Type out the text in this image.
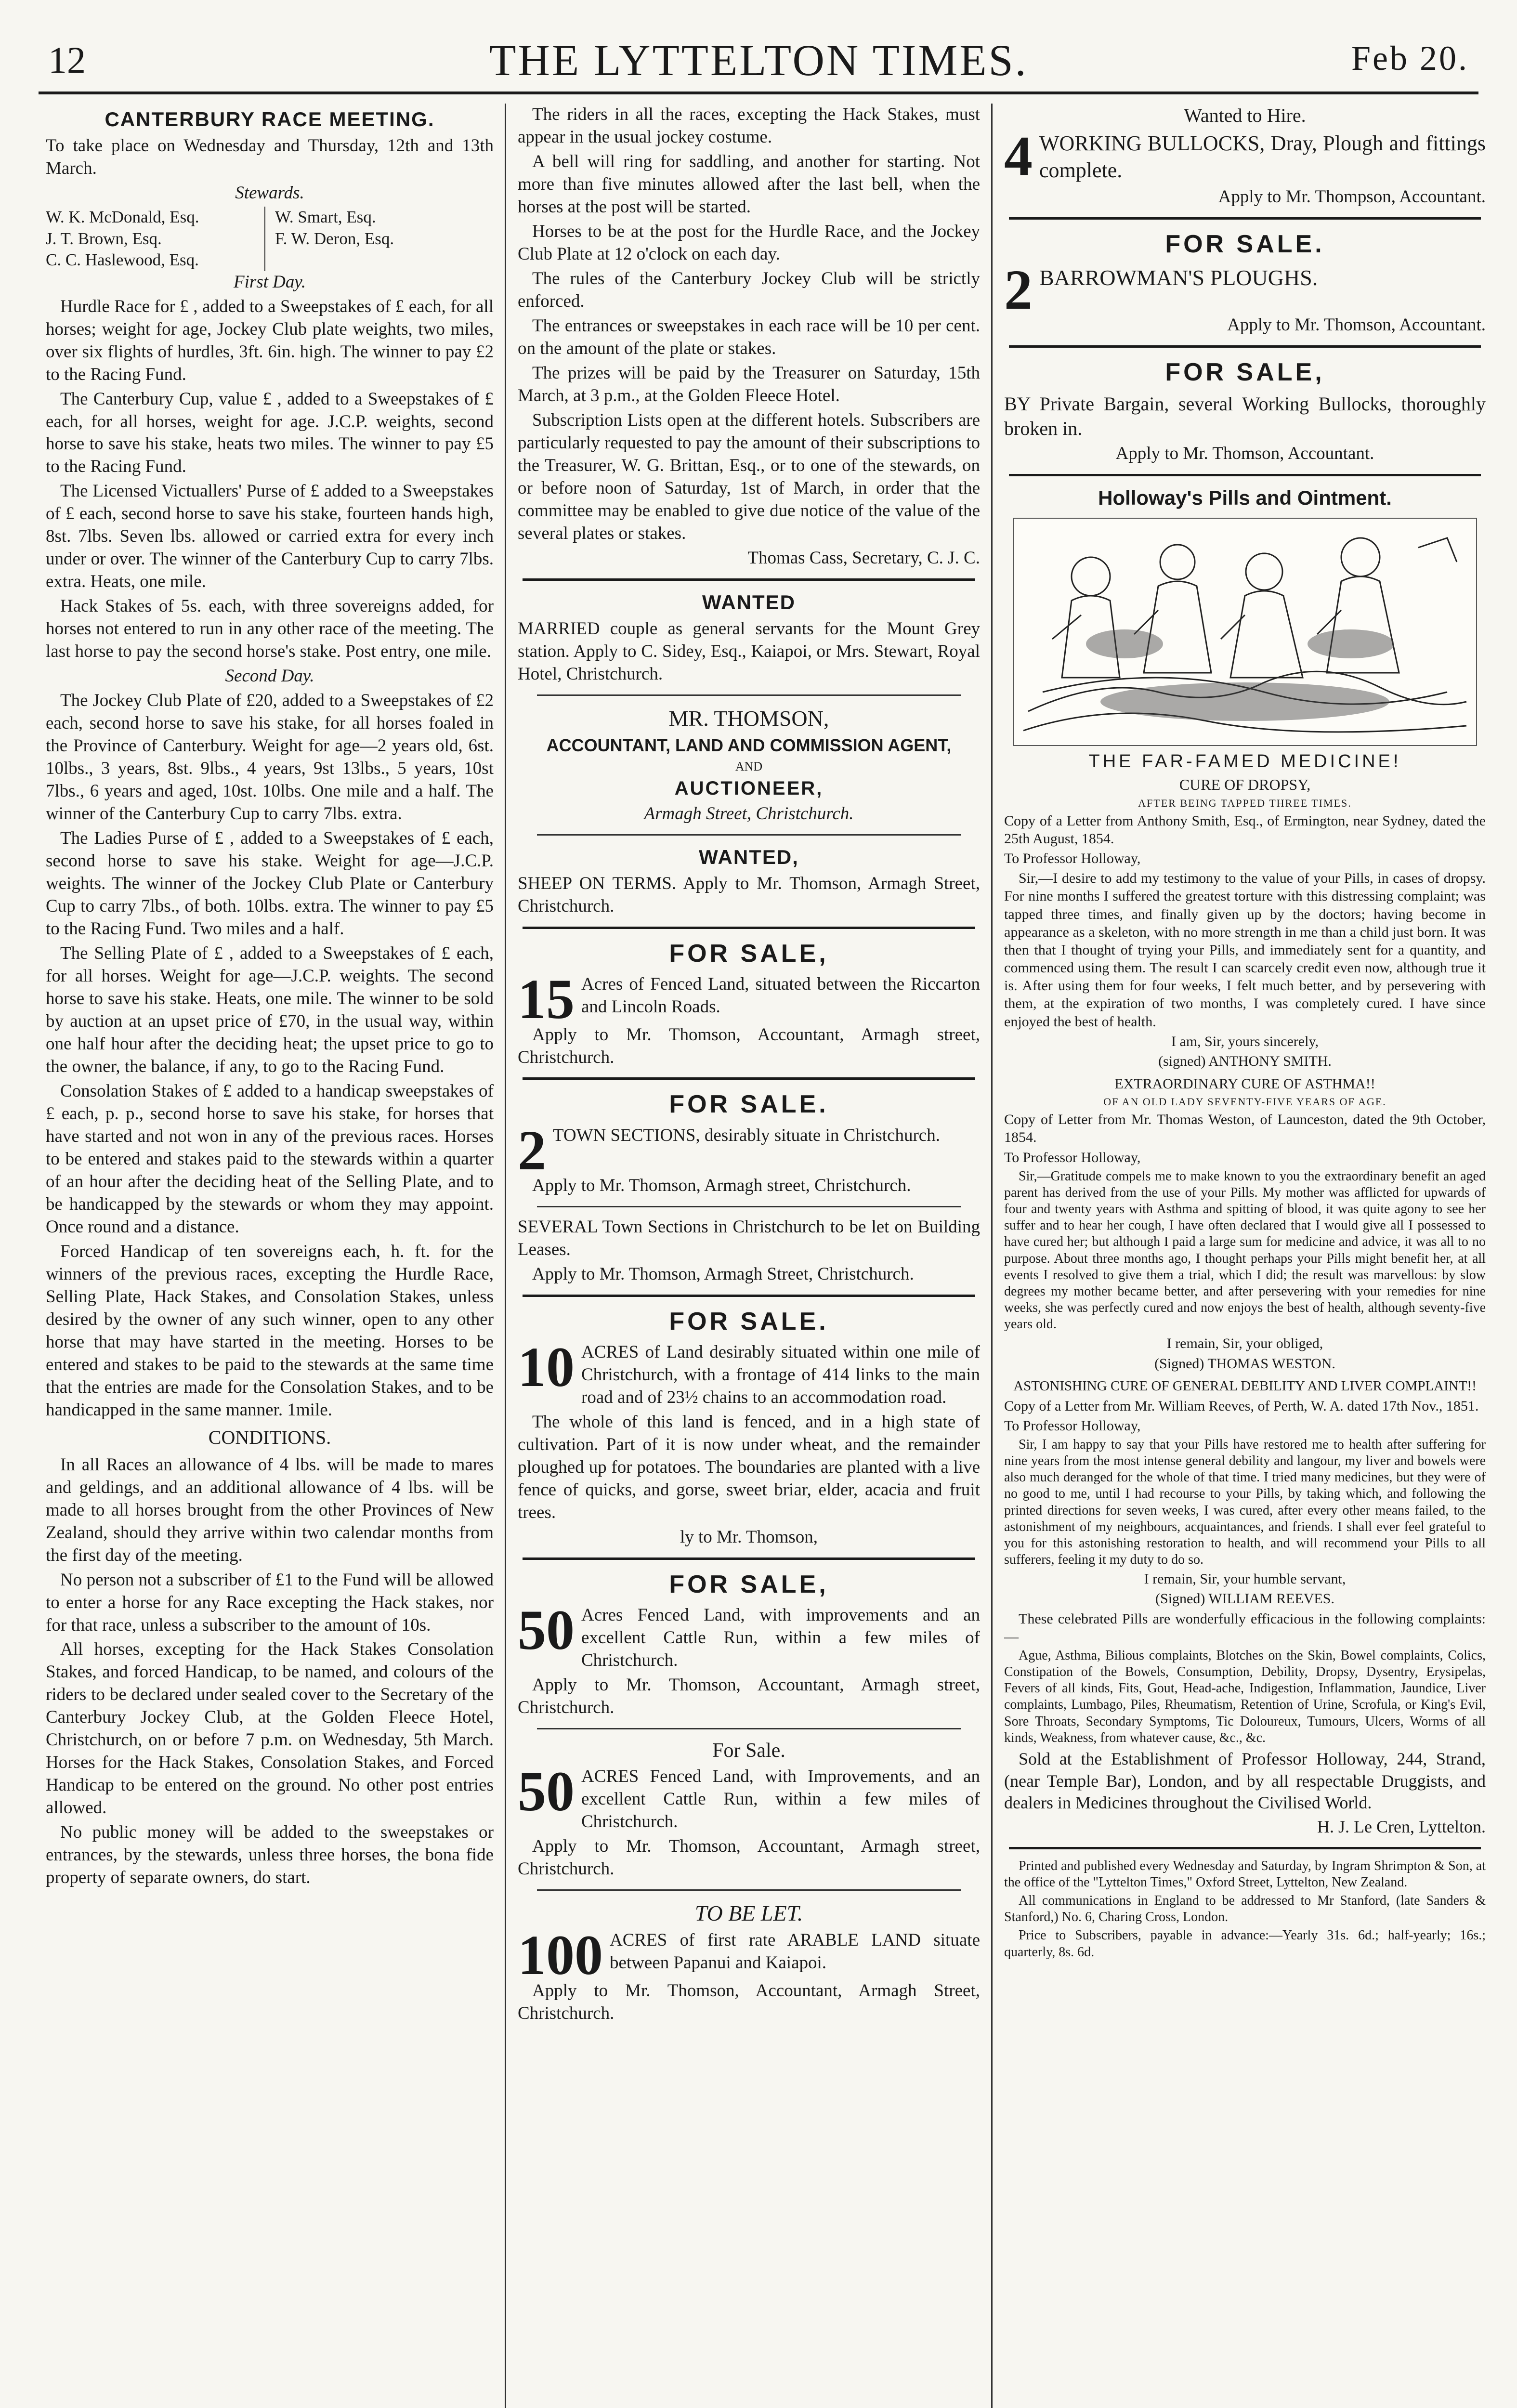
12	THE LYTTELTON TIMES.	Feb 20.
CANTERBURY RACE MEETING.

To take place on Wednesday and Thursday, 12th and 13th March.

Stewards.

W. K. McDonald, Esq.
J. T. Brown, Esq.
C. C. Haslewood, Esq.
W. Smart, Esq.
F. W. Deron, Esq.

First Day.

Hurdle Race for £ , added to a Sweepstakes of £ each, for all horses; weight for age, Jockey Club plate weights, two miles, over six flights of hurdles, 3ft. 6in. high. The winner to pay £2 to the Racing Fund.

The Canterbury Cup, value £ , added to a Sweepstakes of £ each, for all horses, weight for age. J.C.P. weights, second horse to save his stake, heats two miles. The winner to pay £5 to the Racing Fund.

The Licensed Victuallers' Purse of £ added to a Sweepstakes of £ each, second horse to save his stake, fourteen hands high, 8st. 7lbs. Seven lbs. allowed or carried extra for every inch under or over. The winner of the Canterbury Cup to carry 7lbs. extra. Heats, one mile.

Hack Stakes of 5s. each, with three sovereigns added, for horses not entered to run in any other race of the meeting. The last horse to pay the second horse's stake. Post entry, one mile.

Second Day.

The Jockey Club Plate of £20, added to a Sweepstakes of £2 each, second horse to save his stake, for all horses foaled in the Province of Canterbury. Weight for age—2 years old, 6st. 10lbs., 3 years, 8st. 9lbs., 4 years, 9st 13lbs., 5 years, 10st 7lbs., 6 years and aged, 10st. 10lbs. One mile and a half. The winner of the Canterbury Cup to carry 7lbs. extra.

The Ladies Purse of £ , added to a Sweepstakes of £ each, second horse to save his stake. Weight for age—J.C.P. weights. The winner of the Jockey Club Plate or Canterbury Cup to carry 7lbs., of both. 10lbs. extra. The winner to pay £5 to the Racing Fund. Two miles and a half.

The Selling Plate of £ , added to a Sweepstakes of £ each, for all horses. Weight for age—J.C.P. weights. The second horse to save his stake. Heats, one mile. The winner to be sold by auction at an upset price of £70, in the usual way, within one half hour after the deciding heat; the upset price to go to the owner, the balance, if any, to go to the Racing Fund.

Consolation Stakes of £ added to a handicap sweepstakes of £ each, p. p., second horse to save his stake, for horses that have started and not won in any of the previous races. Horses to be entered and stakes paid to the stewards within a quarter of an hour after the deciding heat of the Selling Plate, and to be handicapped by the stewards or whom they may appoint. Once round and a distance.

Forced Handicap of ten sovereigns each, h. ft. for the winners of the previous races, excepting the Hurdle Race, Selling Plate, Hack Stakes, and Consolation Stakes, unless desired by the owner of any such winner, open to any other horse that may have started in the meeting. Horses to be entered and stakes to be paid to the stewards at the same time that the entries are made for the Consolation Stakes, and to be handicapped in the same manner. 1mile.

CONDITIONS.

In all Races an allowance of 4 lbs. will be made to mares and geldings, and an additional allowance of 4 lbs. will be made to all horses brought from the other Provinces of New Zealand, should they arrive within two calendar months from the first day of the meeting.

No person not a subscriber of £1 to the Fund will be allowed to enter a horse for any Race excepting the Hack stakes, nor for that race, unless a subscriber to the amount of 10s.

All horses, excepting for the Hack Stakes Consolation Stakes, and forced Handicap, to be named, and colours of the riders to be declared under sealed cover to the Secretary of the Canterbury Jockey Club, at the Golden Fleece Hotel, Christchurch, on or before 7 p.m. on Wednesday, 5th March. Horses for the Hack Stakes, Consolation Stakes, and Forced Handicap to be entered on the ground. No other post entries allowed.

No public money will be added to the sweepstakes or entrances, by the stewards, unless three horses, the bona fide property of separate owners, do start.

The riders in all the races, excepting the Hack Stakes, must appear in the usual jockey costume.

A bell will ring for saddling, and another for starting. Not more than five minutes allowed after the last bell, when the horses at the post will be started.

Horses to be at the post for the Hurdle Race, and the Jockey Club Plate at 12 o'clock on each day.

The rules of the Canterbury Jockey Club will be strictly enforced.

The entrances or sweepstakes in each race will be 10 per cent. on the amount of the plate or stakes.

The prizes will be paid by the Treasurer on Saturday, 15th March, at 3 p.m., at the Golden Fleece Hotel.

Subscription Lists open at the different hotels. Subscribers are particularly requested to pay the amount of their subscriptions to the Treasurer, W. G. Brittan, Esq., or to one of the stewards, on or before noon of Saturday, 1st of March, in order that the committee may be enabled to give due notice of the value of the several plates or stakes.

Thomas Cass, Secretary, C. J. C.

WANTED

MARRIED couple as general servants for the Mount Grey station. Apply to C. Sidey, Esq., Kaiapoi, or Mrs. Stewart, Royal Hotel, Christchurch.

MR. THOMSON,

ACCOUNTANT, LAND AND COMMISSION AGENT,

AND

AUCTIONEER,

Armagh Street, Christchurch.

WANTED,

SHEEP ON TERMS. Apply to Mr. Thomson, Armagh Street, Christchurch.

FOR SALE,

15 Acres of Fenced Land, situated between the Riccarton and Lincoln Roads.

Apply to Mr. Thomson, Accountant, Armagh street, Christchurch.

FOR SALE.

2 TOWN SECTIONS, desirably situate in Christchurch.

Apply to Mr. Thomson, Armagh street, Christchurch.

SEVERAL Town Sections in Christchurch to be let on Building Leases.

Apply to Mr. Thomson, Armagh Street, Christchurch.

FOR SALE.

10 ACRES of Land desirably situated within one mile of Christchurch, with a frontage of 414 links to the main road and of 23½ chains to an accommodation road.

The whole of this land is fenced, and in a high state of cultivation. Part of it is now under wheat, and the remainder ploughed up for potatoes. The boundaries are planted with a live fence of quicks, and gorse, sweet briar, elder, acacia and fruit trees.

ly to Mr. Thomson,

FOR SALE,

50 Acres Fenced Land, with improvements and an excellent Cattle Run, within a few miles of Christchurch.

Apply to Mr. Thomson, Accountant, Armagh street, Christchurch.

For Sale.

50 ACRES Fenced Land, with Improvements, and an excellent Cattle Run, within a few miles of Christchurch.

Apply to Mr. Thomson, Accountant, Armagh street, Christchurch.

TO BE LET.

100 ACRES of first rate ARABLE LAND situate between Papanui and Kaiapoi.

Apply to Mr. Thomson, Accountant, Armagh Street, Christchurch.

Wanted to Hire.

4 WORKING BULLOCKS, Dray, Plough and fittings complete.

Apply to Mr. Thompson, Accountant.

FOR SALE.

2 BARROWMAN'S PLOUGHS.

Apply to Mr. Thomson, Accountant.

FOR SALE,

BY Private Bargain, several Working Bullocks, thoroughly broken in.

Apply to Mr. Thomson, Accountant.

Holloway's Pills and Ointment.

THE FAR-FAMED MEDICINE!

CURE OF DROPSY,

AFTER BEING TAPPED THREE TIMES.

Copy of a Letter from Anthony Smith, Esq., of Ermington, near Sydney, dated the 25th August, 1854.

To Professor Holloway,

Sir,—I desire to add my testimony to the value of your Pills, in cases of dropsy. For nine months I suffered the greatest torture with this distressing complaint; was tapped three times, and finally given up by the doctors; having become in appearance as a skeleton, with no more strength in me than a child just born. It was then that I thought of trying your Pills, and immediately sent for a quantity, and commenced using them. The result I can scarcely credit even now, although true it is. After using them for four weeks, I felt much better, and by persevering with them, at the expiration of two months, I was completely cured. I have since enjoyed the best of health.

I am, Sir, yours sincerely,

(signed) ANTHONY SMITH.

EXTRAORDINARY CURE OF ASTHMA!!

OF AN OLD LADY SEVENTY-FIVE YEARS OF AGE.

Copy of Letter from Mr. Thomas Weston, of Launceston, dated the 9th October, 1854.

To Professor Holloway,

Sir,—Gratitude compels me to make known to you the extraordinary benefit an aged parent has derived from the use of your Pills. My mother was afflicted for upwards of four and twenty years with Asthma and spitting of blood, it was quite agony to see her suffer and to hear her cough, I have often declared that I would give all I possessed to have cured her; but although I paid a large sum for medicine and advice, it was all to no purpose. About three months ago, I thought perhaps your Pills might benefit her, at all events I resolved to give them a trial, which I did; the result was marvellous: by slow degrees my mother became better, and after persevering with your remedies for nine weeks, she was perfectly cured and now enjoys the best of health, although seventy-five years old.

I remain, Sir, your obliged,

(Signed) THOMAS WESTON.

ASTONISHING CURE OF GENERAL DEBILITY AND LIVER COMPLAINT!!

Copy of a Letter from Mr. William Reeves, of Perth, W. A. dated 17th Nov., 1851.

To Professor Holloway,

Sir, I am happy to say that your Pills have restored me to health after suffering for nine years from the most intense general debility and langour, my liver and bowels were also much deranged for the whole of that time. I tried many medicines, but they were of no good to me, until I had recourse to your Pills, by taking which, and following the printed directions for seven weeks, I was cured, after every other means failed, to the astonishment of my neighbours, acquaintances, and friends. I shall ever feel grateful to you for this astonishing restoration to health, and will recommend your Pills to all sufferers, feeling it my duty to do so.

I remain, Sir, your humble servant,

(Signed) WILLIAM REEVES.

These celebrated Pills are wonderfully efficacious in the following complaints:—

Ague, Asthma, Bilious complaints, Blotches on the Skin, Bowel complaints, Colics, Constipation of the Bowels, Consumption, Debility, Dropsy, Dysentry, Erysipelas, Fevers of all kinds, Fits, Gout, Head-ache, Indigestion, Inflammation, Jaundice, Liver complaints, Lumbago, Piles, Rheumatism, Retention of Urine, Scrofula, or King's Evil, Sore Throats, Secondary Symptoms, Tic Doloureux, Tumours, Ulcers, Worms of all kinds, Weakness, from whatever cause, &c., &c.

Sold at the Establishment of Professor Holloway, 244, Strand, (near Temple Bar), London, and by all respectable Druggists, and dealers in Medicines throughout the Civilised World.

H. J. Le Cren, Lyttelton.

Printed and published every Wednesday and Saturday, by Ingram Shrimpton & Son, at the office of the "Lyttelton Times," Oxford Street, Lyttelton, New Zealand.

All communications in England to be addressed to Mr Stanford, (late Sanders & Stanford,) No. 6, Charing Cross, London.

Price to Subscribers, payable in advance:—Yearly 31s. 6d.; half-yearly; 16s.; quarterly, 8s. 6d.
